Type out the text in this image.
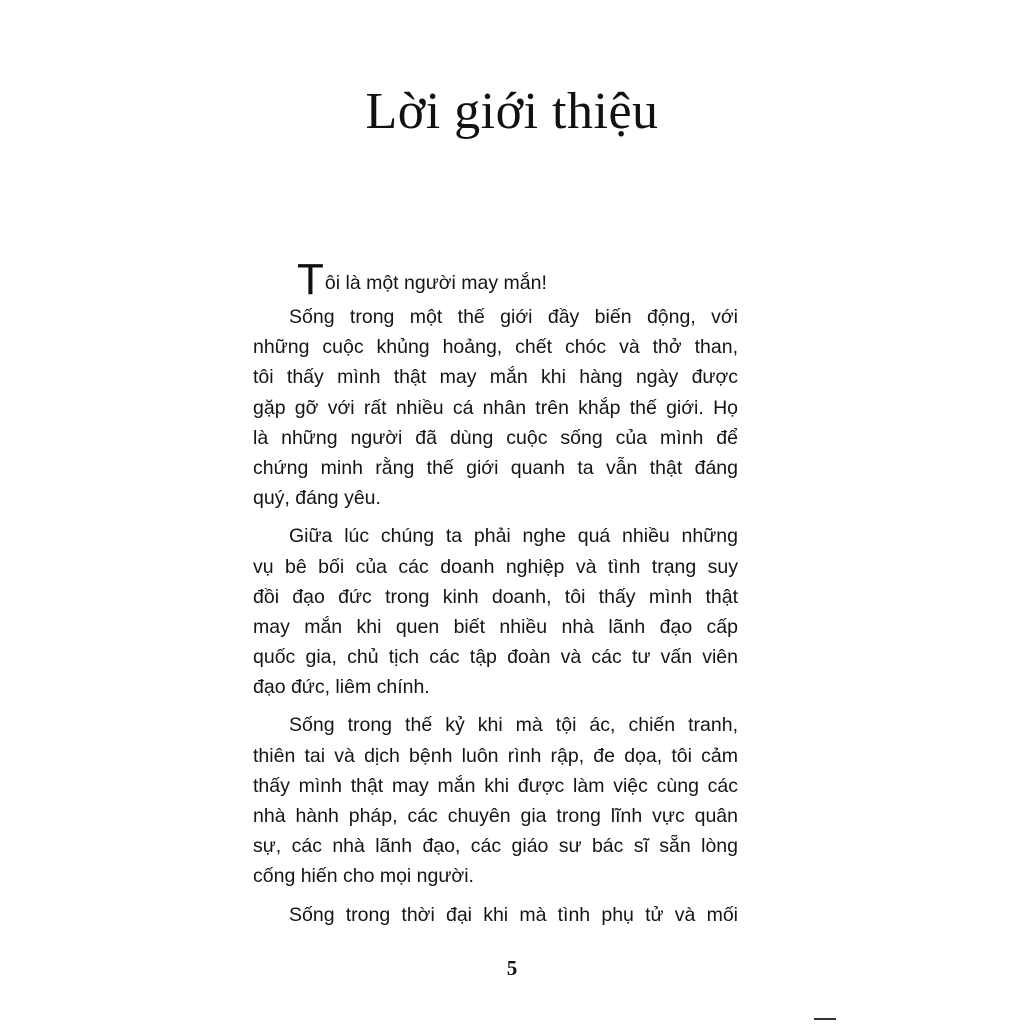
Lời giới thiệu
T ôi là một người may mắn!
Sống trong một thế giới đầy biến động, với
những cuộc khủng hoảng, chết chóc và thở than,
tôi thấy mình thật may mắn khi hàng ngày được
gặp gỡ với rất nhiều cá nhân trên khắp thế giới. Họ
là những người đã dùng cuộc sống của mình để
chứng minh rằng thế giới quanh ta vẫn thật đáng
quý, đáng yêu.
Giữa lúc chúng ta phải nghe quá nhiều những
vụ bê bối của các doanh nghiệp và tình trạng suy
đồi đạo đức trong kinh doanh, tôi thấy mình thật
may mắn khi quen biết nhiều nhà lãnh đạo cấp
quốc gia, chủ tịch các tập đoàn và các tư vấn viên
đạo đức, liêm chính.
Sống trong thế kỷ khi mà tội ác, chiến tranh,
thiên tai và dịch bệnh luôn rình rập, đe dọa, tôi cảm
thấy mình thật may mắn khi được làm việc cùng các
nhà hành pháp, các chuyên gia trong lĩnh vực quân
sự, các nhà lãnh đạo, các giáo sư bác sĩ sẵn lòng
cống hiến cho mọi người.
Sống trong thời đại khi mà tình phụ tử và mối
5
